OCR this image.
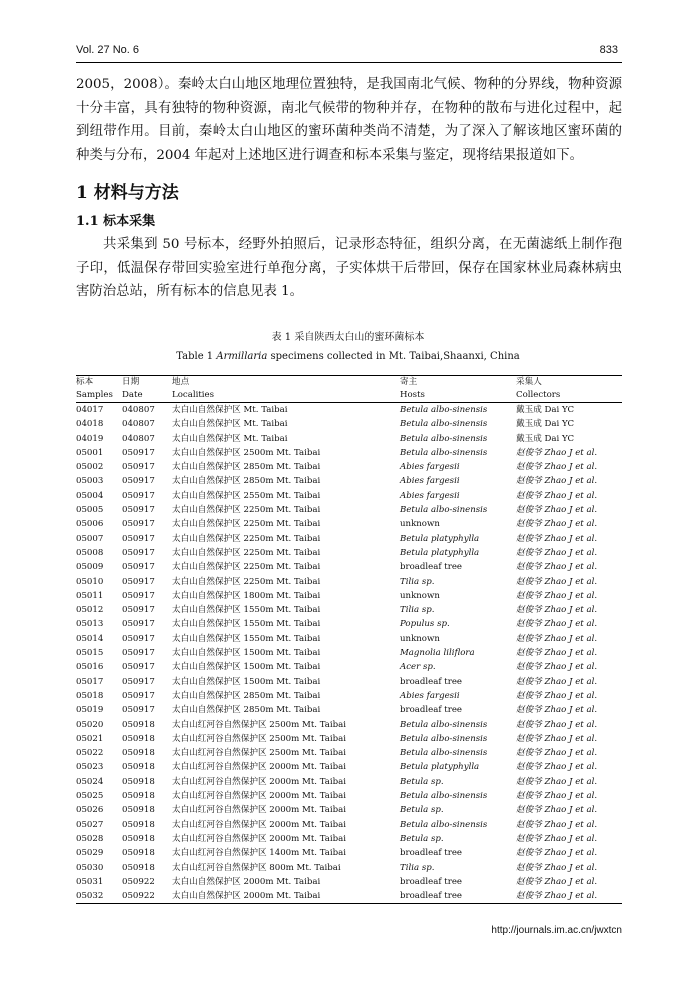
Vol. 27 No. 6	833
2005，2008）。秦岭太白山地区地理位置独特，是我国南北气候、物种的分界线，物种资源十分丰富，具有独特的物种资源，南北气候带的物种并存，在物种的散布与进化过程中，起到纽带作用。目前，秦岭太白山地区的蜜环菌种类尚不清楚，为了深入了解该地区蜜环菌的种类与分布，2004 年起对上述地区进行调查和标本采集与鉴定，现将结果报道如下。
1 材料与方法
1.1 标本采集
共采集到 50 号标本，经野外拍照后，记录形态特征，组织分离，在无菌滤纸上制作孢子印，低温保存带回实验室进行单孢分离，子实体烘干后带回，保存在国家林业局森林病虫害防治总站，所有标本的信息见表 1。
表 1 采自陕西太白山的蜜环菌标本
Table 1 Armillaria specimens collected in Mt. Taibai,Shaanxi, China
标本	日期	地点	寄主	采集人
Samples	Date	Localities	Hosts	Collectors
04017	040807	太白山自然保护区 Mt. Taibai	Betula albo-sinensis	戴玉成 Dai YC
04018	040807	太白山自然保护区 Mt. Taibai	Betula albo-sinensis	戴玉成 Dai YC
04019	040807	太白山自然保护区 Mt. Taibai	Betula albo-sinensis	戴玉成 Dai YC
05001	050917	太白山自然保护区 2500m Mt. Taibai	Betula albo-sinensis	赵俊爷 Zhao J et al.
05002	050917	太白山自然保护区 2850m Mt. Taibai	Abies fargesii	赵俊爷 Zhao J et al.
05003	050917	太白山自然保护区 2850m Mt. Taibai	Abies fargesii	赵俊爷 Zhao J et al.
05004	050917	太白山自然保护区 2550m Mt. Taibai	Abies fargesii	赵俊爷 Zhao J et al.
05005	050917	太白山自然保护区 2250m Mt. Taibai	Betula albo-sinensis	赵俊爷 Zhao J et al.
05006	050917	太白山自然保护区 2250m Mt. Taibai	unknown	赵俊爷 Zhao J et al.
05007	050917	太白山自然保护区 2250m Mt. Taibai	Betula platyphylla	赵俊爷 Zhao J et al.
05008	050917	太白山自然保护区 2250m Mt. Taibai	Betula platyphylla	赵俊爷 Zhao J et al.
05009	050917	太白山自然保护区 2250m Mt. Taibai	broadleaf tree	赵俊爷 Zhao J et al.
05010	050917	太白山自然保护区 2250m Mt. Taibai	Tilia sp.	赵俊爷 Zhao J et al.
05011	050917	太白山自然保护区 1800m Mt. Taibai	unknown	赵俊爷 Zhao J et al.
05012	050917	太白山自然保护区 1550m Mt. Taibai	Tilia sp.	赵俊爷 Zhao J et al.
05013	050917	太白山自然保护区 1550m Mt. Taibai	Populus sp.	赵俊爷 Zhao J et al.
05014	050917	太白山自然保护区 1550m Mt. Taibai	unknown	赵俊爷 Zhao J et al.
05015	050917	太白山自然保护区 1500m Mt. Taibai	Magnolia liliflora	赵俊爷 Zhao J et al.
05016	050917	太白山自然保护区 1500m Mt. Taibai	Acer sp.	赵俊爷 Zhao J et al.
05017	050917	太白山自然保护区 1500m Mt. Taibai	broadleaf tree	赵俊爷 Zhao J et al.
05018	050917	太白山自然保护区 2850m Mt. Taibai	Abies fargesii	赵俊爷 Zhao J et al.
05019	050917	太白山自然保护区 2850m Mt. Taibai	broadleaf tree	赵俊爷 Zhao J et al.
05020	050918	太白山红河谷自然保护区 2500m Mt. Taibai	Betula albo-sinensis	赵俊爷 Zhao J et al.
05021	050918	太白山红河谷自然保护区 2500m Mt. Taibai	Betula albo-sinensis	赵俊爷 Zhao J et al.
05022	050918	太白山红河谷自然保护区 2500m Mt. Taibai	Betula albo-sinensis	赵俊爷 Zhao J et al.
05023	050918	太白山红河谷自然保护区 2000m Mt. Taibai	Betula platyphylla	赵俊爷 Zhao J et al.
05024	050918	太白山红河谷自然保护区 2000m Mt. Taibai	Betula sp.	赵俊爷 Zhao J et al.
05025	050918	太白山红河谷自然保护区 2000m Mt. Taibai	Betula albo-sinensis	赵俊爷 Zhao J et al.
05026	050918	太白山红河谷自然保护区 2000m Mt. Taibai	Betula sp.	赵俊爷 Zhao J et al.
05027	050918	太白山红河谷自然保护区 2000m Mt. Taibai	Betula albo-sinensis	赵俊爷 Zhao J et al.
05028	050918	太白山红河谷自然保护区 2000m Mt. Taibai	Betula sp.	赵俊爷 Zhao J et al.
05029	050918	太白山红河谷自然保护区 1400m Mt. Taibai	broadleaf tree	赵俊爷 Zhao J et al.
05030	050918	太白山红河谷自然保护区 800m Mt. Taibai	Tilia sp.	赵俊爷 Zhao J et al.
05031	050922	太白山自然保护区 2000m Mt. Taibai	broadleaf tree	赵俊爷 Zhao J et al.
05032	050922	太白山自然保护区 2000m Mt. Taibai	broadleaf tree	赵俊爷 Zhao J et al.
http://journals.im.ac.cn/jwxtcn
